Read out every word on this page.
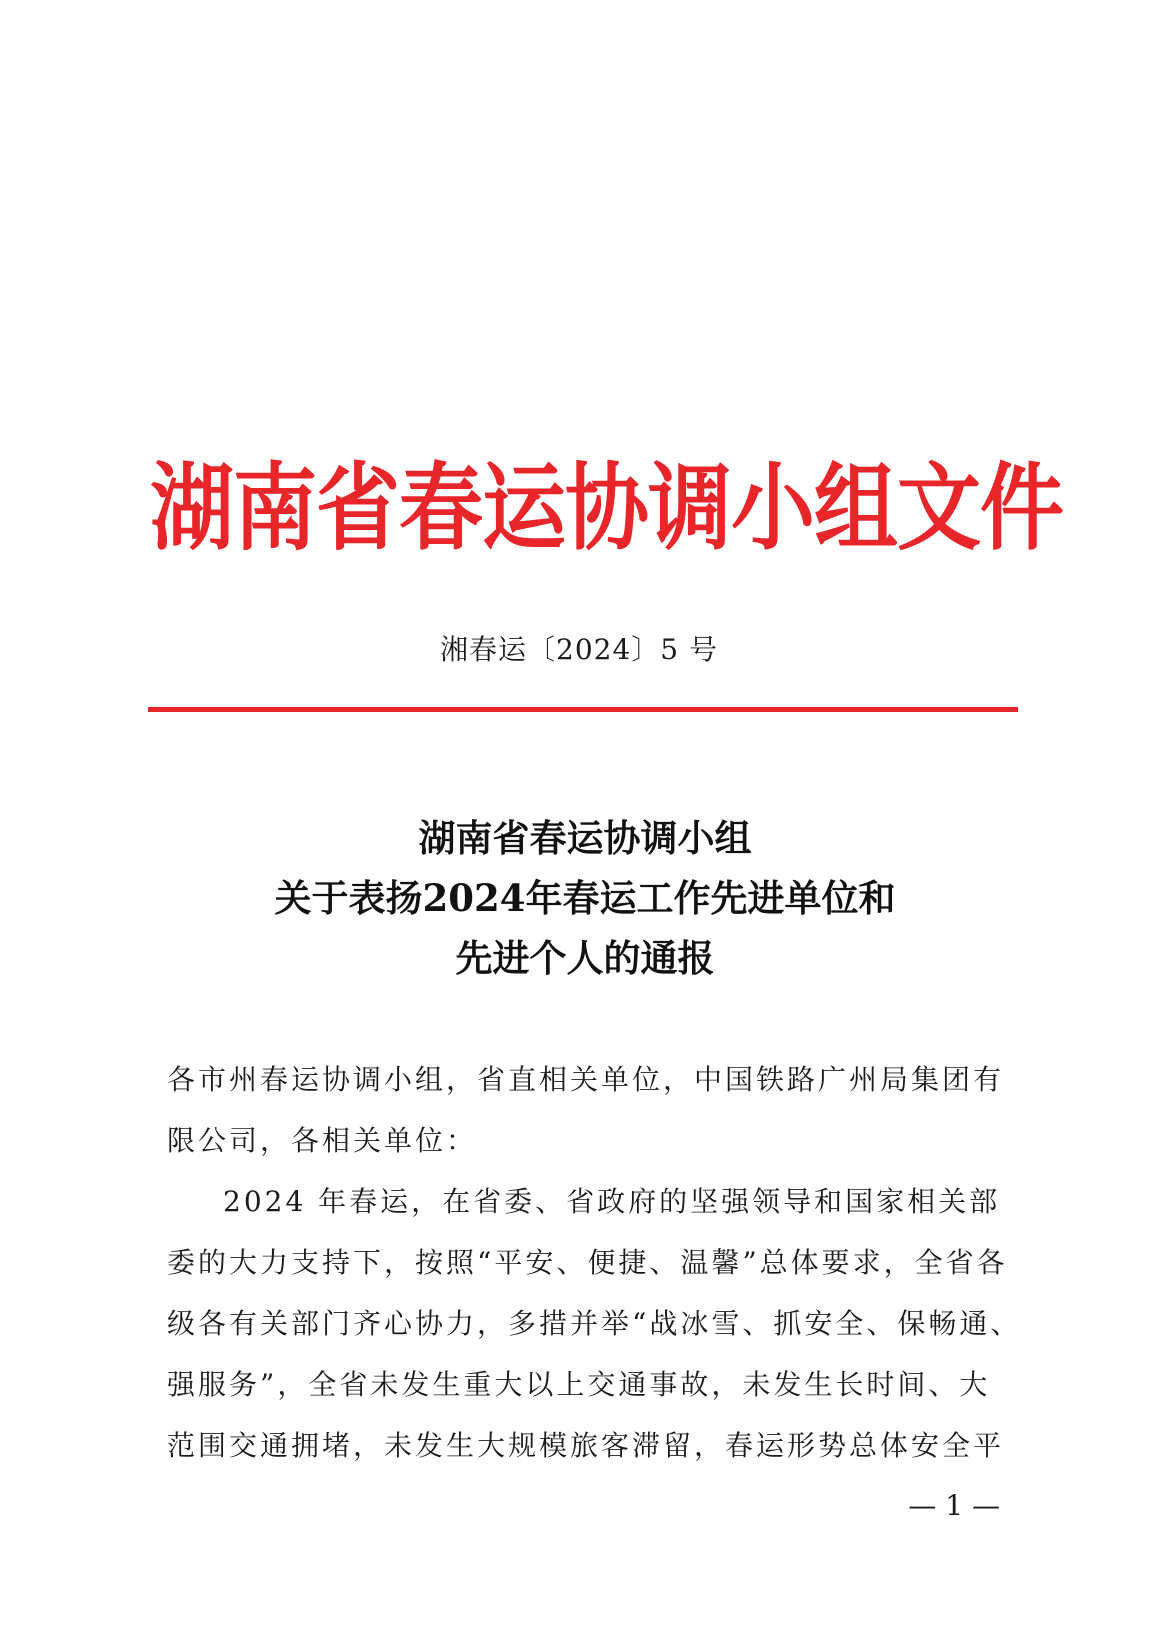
湖南省春运协调小组文件
湘春运〔2024〕5 号
湖南省春运协调小组
关于表扬2024年春运工作先进单位和
先进个人的通报
各市州春运协调小组，省直相关单位，中国铁路广州局集团有
限公司，各相关单位：
2024 年春运，在省委、省政府的坚强领导和国家相关部
委的大力支持下，按照“平安、便捷、温馨”总体要求，全省各
级各有关部门齐心协力，多措并举“战冰雪、抓安全、保畅通、
强服务”，全省未发生重大以上交通事故，未发生长时间、大
范围交通拥堵，未发生大规模旅客滞留，春运形势总体安全平
— 1 —
